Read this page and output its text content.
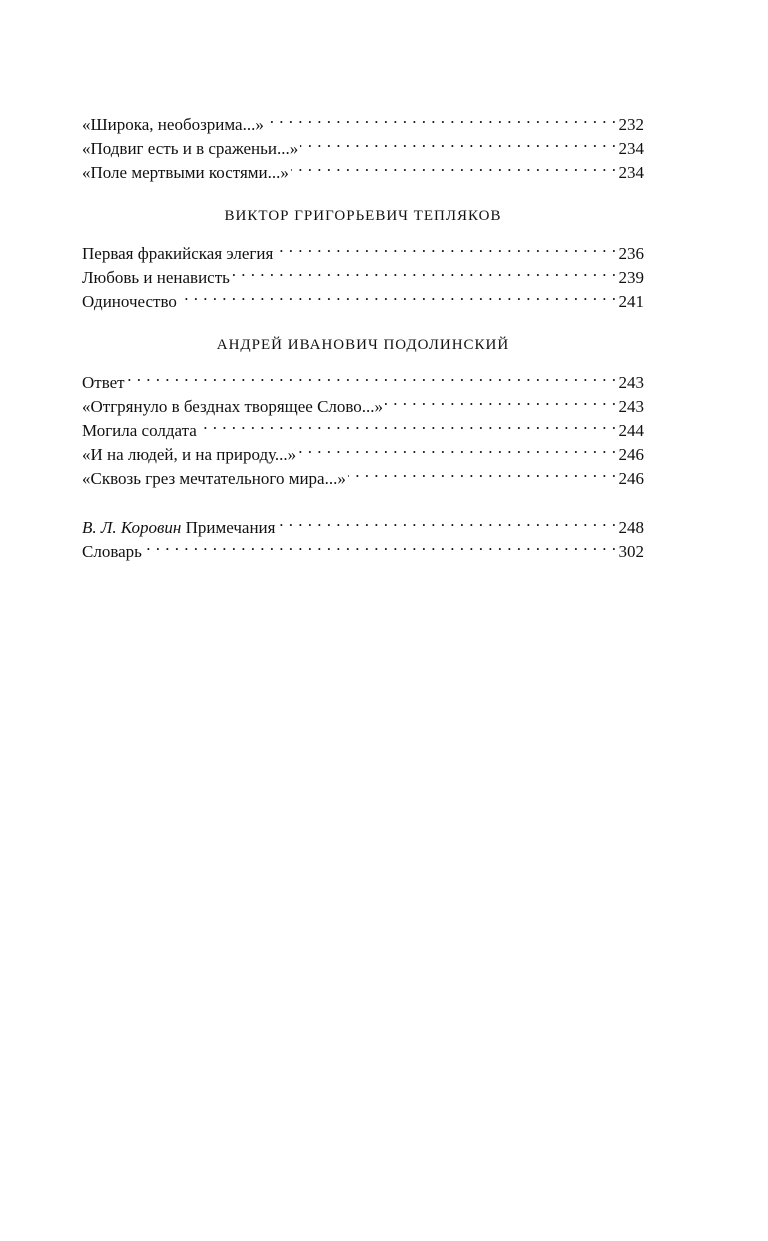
«Широка, необозрима...» . . .	232
«Подвиг есть и в сраженьи...» . . .	234
«Поле мертвыми костями...» . . .	234
ВИКТОР ГРИГОРЬЕВИЧ ТЕПЛЯКОВ
Первая фракийская элегия . . .	236
Любовь и ненависть . . .	239
Одиночество . . .	241
АНДРЕЙ ИВАНОВИЧ ПОДОЛИНСКИЙ
Ответ . . .	243
«Отгрянуло в безднах творящее Слово...» . . .	243
Могила солдата . . .	244
«И на людей, и на природу...» . . .	246
«Сквозь грез мечтательного мира...» . . .	246
В. Л. Коровин Примечания . . .	248
Словарь . . .	302
